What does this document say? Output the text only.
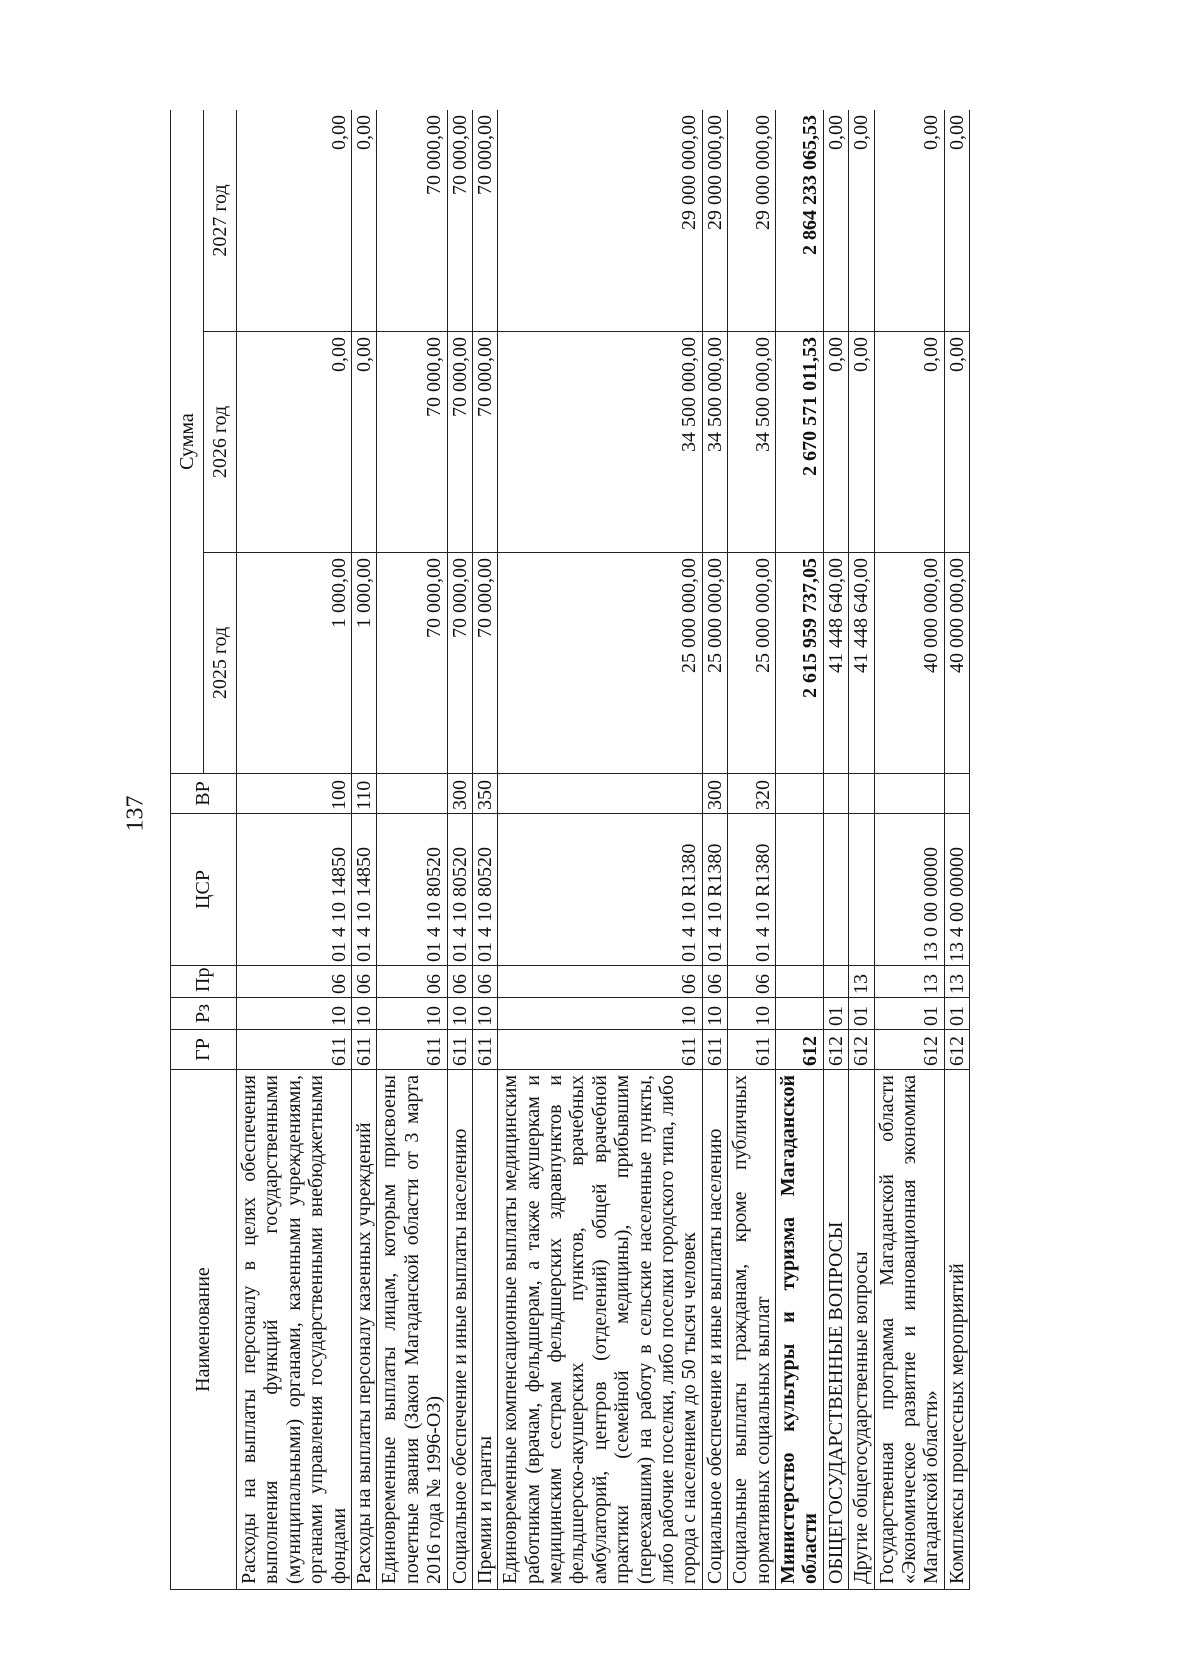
137
Наименование	ГР	Рз	Пр	ЦСР	ВР	Сумма		
						2025 год	2026 год	2027 год
Расходы на выплаты персоналу в целях обеспечения выполнения функций государственными (муниципальными) органами, казенными учреждениями, органами управления государственными внебюджетными фондами	611	10	06	01 4 10 14850	100	1 000,00	0,00	0,00
Расходы на выплаты персоналу казенных учреждений	611	10	06	01 4 10 14850	110	1 000,00	0,00	0,00
Единовременные выплаты лицам, которым присвоены почетные звания (Закон Магаданской области от 3 марта 2016 года № 1996-ОЗ)	611	10	06	01 4 10 80520		70 000,00	70 000,00	70 000,00
Социальное обеспечение и иные выплаты населению	611	10	06	01 4 10 80520	300	70 000,00	70 000,00	70 000,00
Премии и гранты	611	10	06	01 4 10 80520	350	70 000,00	70 000,00	70 000,00
Единовременные компенсационные выплаты медицинским работникам (врачам, фельдшерам, а также акушеркам и медицинским сестрам фельдшерских здравпунктов и фельдшерско-акушерских пунктов, врачебных амбулаторий, центров (отделений) общей врачебной практики (семейной медицины), прибывшим (переехавшим) на работу в сельские населенные пункты, либо рабочие поселки, либо поселки городского типа, либо города с населением до 50 тысяч человек	611	10	06	01 4 10 R1380		25 000 000,00	34 500 000,00	29 000 000,00
Социальное обеспечение и иные выплаты населению	611	10	06	01 4 10 R1380	300	25 000 000,00	34 500 000,00	29 000 000,00
Социальные выплаты гражданам, кроме публичных нормативных социальных выплат	611	10	06	01 4 10 R1380	320	25 000 000,00	34 500 000,00	29 000 000,00
Министерство культуры и туризма Магаданской области	612					2 615 959 737,05	2 670 571 011,53	2 864 233 065,53
ОБЩЕГОСУДАРСТВЕННЫЕ ВОПРОСЫ	612	01				41 448 640,00	0,00	0,00
Другие общегосударственные вопросы	612	01	13			41 448 640,00	0,00	0,00
Государственная программа Магаданской области «Экономическое развитие и инновационная экономика Магаданской области»	612	01	13	13 0 00 00000		40 000 000,00	0,00	0,00
Комплексы процессных мероприятий	612	01	13	13 4 00 00000		40 000 000,00	0,00	0,00
